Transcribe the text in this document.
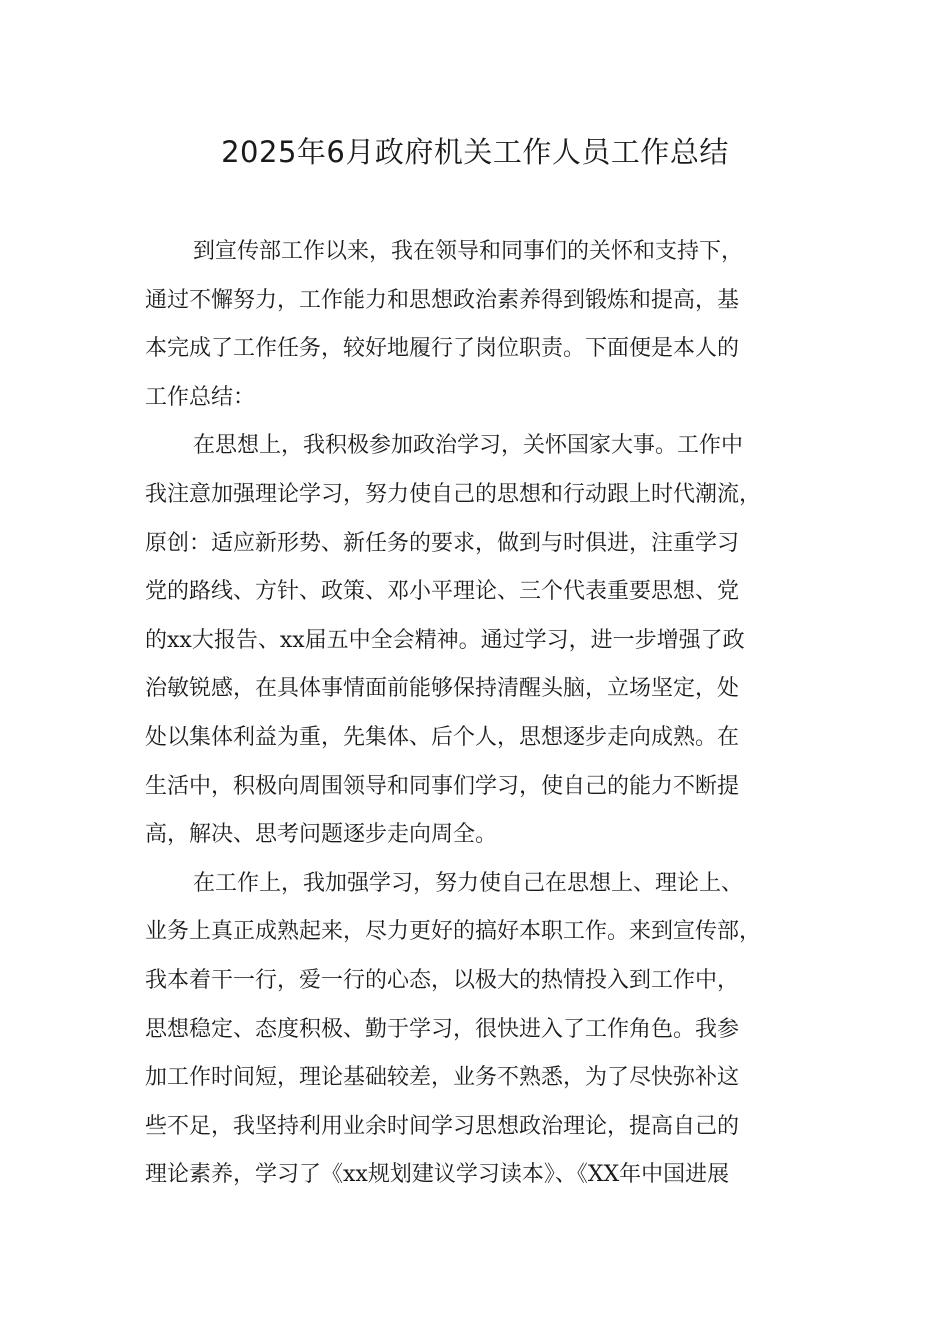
2025年6月政府机关工作人员工作总结

到宣传部工作以来，我在领导和同事们的关怀和支持下，
通过不懈努力，工作能力和思想政治素养得到锻炼和提高，基
本完成了工作任务，较好地履行了岗位职责。下面便是本人的
工作总结：

在思想上，我积极参加政治学习，关怀国家大事。工作中
我注意加强理论学习，努力使自己的思想和行动跟上时代潮流，
原创：适应新形势、新任务的要求，做到与时俱进，注重学习
党的路线、方针、政策、邓小平理论、三个代表重要思想、党
的xx大报告、xx届五中全会精神。通过学习，进一步增强了政
治敏锐感，在具体事情面前能够保持清醒头脑，立场坚定，处
处以集体利益为重，先集体、后个人，思想逐步走向成熟。在
生活中，积极向周围领导和同事们学习，使自己的能力不断提
高，解决、思考问题逐步走向周全。

在工作上，我加强学习，努力使自己在思想上、理论上、
业务上真正成熟起来，尽力更好的搞好本职工作。来到宣传部，
我本着干一行，爱一行的心态，以极大的热情投入到工作中，
思想稳定、态度积极、勤于学习，很快进入了工作角色。我参
加工作时间短，理论基础较差，业务不熟悉，为了尽快弥补这
些不足，我坚持利用业余时间学习思想政治理论，提高自己的
理论素养，学习了《xx规划建议学习读本》、《XX年中国进展
